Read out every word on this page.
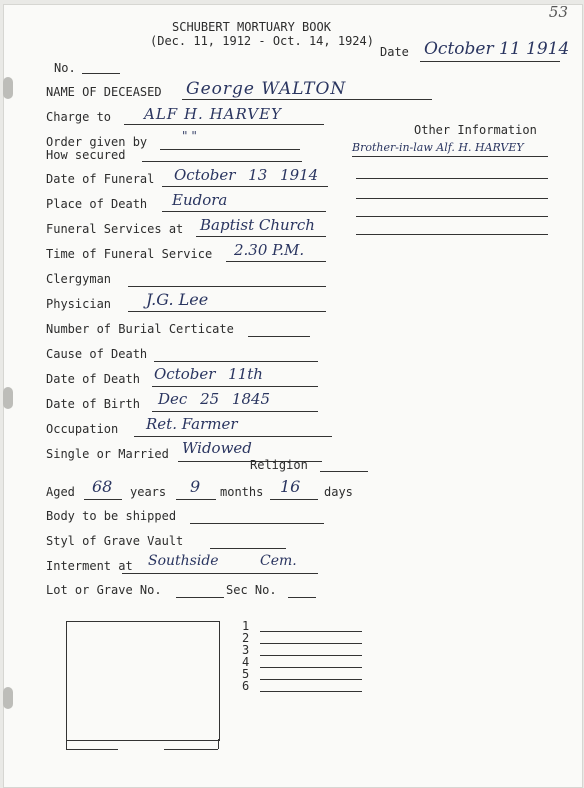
53
SCHUBERT MORTUARY BOOK
(Dec. 11, 1912 - Oct. 14, 1924)
Date October 11 1914
No.
NAME OF DECEASED George WALTON
Charge to ALF H. HARVEY
Order given by	" "
How secured
Other Information
Brother-in-law Alf. H. HARVEY
Date of Funeral October 13 1914
Place of Death Eudora
Funeral Services at Baptist Church
Time of Funeral Service 2.30 P.M.
Clergyman
Physician J.G. Lee
Number of Burial Certicate
Cause of Death
Date of Death October 11th
Date of Birth Dec 25 1845
Occupation Ret. Farmer
Single or Married Widowed
Religion
Aged 68 years 9 months 16 days
Body to be shipped
Styl of Grave Vault
Interment at Southside	Cem.
Lot or Grave No.	Sec No.
1
2
3
4
5
6
